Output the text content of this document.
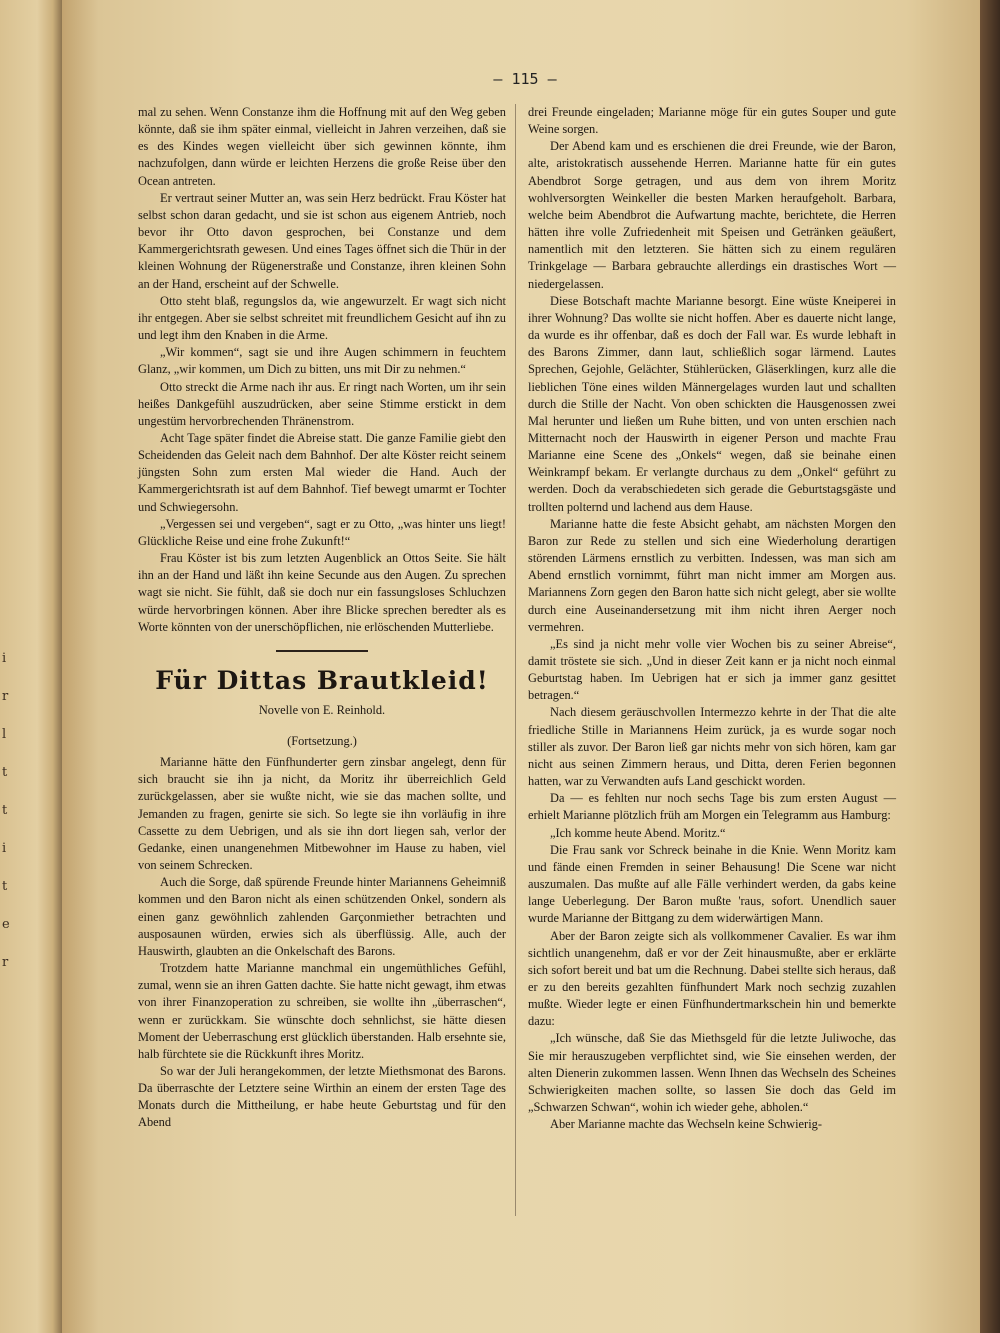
i
r
l
t
t
i
t
e
r
— 115 —

mal zu sehen. Wenn Constanze ihm die Hoffnung mit auf den Weg geben könnte, daß sie ihm später einmal, vielleicht in Jahren verzeihen, daß sie es des Kindes wegen vielleicht über sich gewinnen könnte, ihm nachzufolgen, dann würde er leichten Herzens die große Reise über den Ocean antreten.

Er vertraut seiner Mutter an, was sein Herz bedrückt. Frau Köster hat selbst schon daran gedacht, und sie ist schon aus eigenem Antrieb, noch bevor ihr Otto davon gesprochen, bei Constanze und dem Kammergerichtsrath gewesen. Und eines Tages öffnet sich die Thür in der kleinen Wohnung der Rügenerstraße und Constanze, ihren kleinen Sohn an der Hand, erscheint auf der Schwelle.

Otto steht blaß, regungslos da, wie angewurzelt. Er wagt sich nicht ihr entgegen. Aber sie selbst schreitet mit freundlichem Gesicht auf ihn zu und legt ihm den Knaben in die Arme.

„Wir kommen“, sagt sie und ihre Augen schimmern in feuchtem Glanz, „wir kommen, um Dich zu bitten, uns mit Dir zu nehmen.“

Otto streckt die Arme nach ihr aus. Er ringt nach Worten, um ihr sein heißes Dankgefühl auszudrücken, aber seine Stimme erstickt in dem ungestüm hervorbrechenden Thränenstrom.

Acht Tage später findet die Abreise statt. Die ganze Familie giebt den Scheidenden das Geleit nach dem Bahnhof. Der alte Köster reicht seinem jüngsten Sohn zum ersten Mal wieder die Hand. Auch der Kammergerichtsrath ist auf dem Bahnhof. Tief bewegt umarmt er Tochter und Schwiegersohn.

„Vergessen sei und vergeben“, sagt er zu Otto, „was hinter uns liegt! Glückliche Reise und eine frohe Zukunft!“

Frau Köster ist bis zum letzten Augenblick an Ottos Seite. Sie hält ihn an der Hand und läßt ihn keine Secunde aus den Augen. Zu sprechen wagt sie nicht. Sie fühlt, daß sie doch nur ein fassungsloses Schluchzen würde hervorbringen können. Aber ihre Blicke sprechen beredter als es Worte könnten von der unerschöpflichen, nie erlöschenden Mutterliebe.

Für Dittas Brautkleid!
Novelle von E. Reinhold.
(Fortsetzung.)

Marianne hätte den Fünfhunderter gern zinsbar angelegt, denn für sich braucht sie ihn ja nicht, da Moritz ihr überreichlich Geld zurückgelassen, aber sie wußte nicht, wie sie das machen sollte, und Jemanden zu fragen, genirte sie sich. So legte sie ihn vorläufig in ihre Cassette zu dem Uebrigen, und als sie ihn dort liegen sah, verlor der Gedanke, einen unangenehmen Mitbewohner im Hause zu haben, viel von seinem Schrecken.

Auch die Sorge, daß spürende Freunde hinter Mariannens Geheimniß kommen und den Baron nicht als einen schützenden Onkel, sondern als einen ganz gewöhnlich zahlenden Garçonmiether betrachten und ausposaunen würden, erwies sich als überflüssig. Alle, auch der Hauswirth, glaubten an die Onkelschaft des Barons.

Trotzdem hatte Marianne manchmal ein ungemüthliches Gefühl, zumal, wenn sie an ihren Gatten dachte. Sie hatte nicht gewagt, ihm etwas von ihrer Finanzoperation zu schreiben, sie wollte ihn „überraschen“, wenn er zurückkam. Sie wünschte doch sehnlichst, sie hätte diesen Moment der Ueberraschung erst glücklich überstanden. Halb ersehnte sie, halb fürchtete sie die Rückkunft ihres Moritz.

So war der Juli herangekommen, der letzte Miethsmonat des Barons. Da überraschte der Letztere seine Wirthin an einem der ersten Tage des Monats durch die Mittheilung, er habe heute Geburtstag und für den Abend

drei Freunde eingeladen; Marianne möge für ein gutes Souper und gute Weine sorgen.

Der Abend kam und es erschienen die drei Freunde, wie der Baron, alte, aristokratisch aussehende Herren. Marianne hatte für ein gutes Abendbrot Sorge getragen, und aus dem von ihrem Moritz wohlversorgten Weinkeller die besten Marken heraufgeholt. Barbara, welche beim Abendbrot die Aufwartung machte, berichtete, die Herren hätten ihre volle Zufriedenheit mit Speisen und Getränken geäußert, namentlich mit den letzteren. Sie hätten sich zu einem regulären Trinkgelage — Barbara gebrauchte allerdings ein drastisches Wort — niedergelassen.

Diese Botschaft machte Marianne besorgt. Eine wüste Kneiperei in ihrer Wohnung? Das wollte sie nicht hoffen. Aber es dauerte nicht lange, da wurde es ihr offenbar, daß es doch der Fall war. Es wurde lebhaft in des Barons Zimmer, dann laut, schließlich sogar lärmend. Lautes Sprechen, Gejohle, Gelächter, Stühlerücken, Gläserklingen, kurz alle die lieblichen Töne eines wilden Männergelages wurden laut und schallten durch die Stille der Nacht. Von oben schickten die Hausgenossen zwei Mal herunter und ließen um Ruhe bitten, und von unten erschien nach Mitternacht noch der Hauswirth in eigener Person und machte Frau Marianne eine Scene des „Onkels“ wegen, daß sie beinahe einen Weinkrampf bekam. Er verlangte durchaus zu dem „Onkel“ geführt zu werden. Doch da verabschiedeten sich gerade die Geburtstagsgäste und trollten polternd und lachend aus dem Hause.

Marianne hatte die feste Absicht gehabt, am nächsten Morgen den Baron zur Rede zu stellen und sich eine Wiederholung derartigen störenden Lärmens ernstlich zu verbitten. Indessen, was man sich am Abend ernstlich vornimmt, führt man nicht immer am Morgen aus. Mariannens Zorn gegen den Baron hatte sich nicht gelegt, aber sie wollte durch eine Auseinandersetzung mit ihm nicht ihren Aerger noch vermehren.

„Es sind ja nicht mehr volle vier Wochen bis zu seiner Abreise“, damit tröstete sie sich. „Und in dieser Zeit kann er ja nicht noch einmal Geburtstag haben. Im Uebrigen hat er sich ja immer ganz gesittet betragen.“

Nach diesem geräuschvollen Intermezzo kehrte in der That die alte friedliche Stille in Mariannens Heim zurück, ja es wurde sogar noch stiller als zuvor. Der Baron ließ gar nichts mehr von sich hören, kam gar nicht aus seinen Zimmern heraus, und Ditta, deren Ferien begonnen hatten, war zu Verwandten aufs Land geschickt worden.

Da — es fehlten nur noch sechs Tage bis zum ersten August — erhielt Marianne plötzlich früh am Morgen ein Telegramm aus Hamburg:

„Ich komme heute Abend. Moritz.“

Die Frau sank vor Schreck beinahe in die Knie. Wenn Moritz kam und fände einen Fremden in seiner Behausung! Die Scene war nicht auszumalen. Das mußte auf alle Fälle verhindert werden, da gabs keine lange Ueberlegung. Der Baron mußte 'raus, sofort. Unendlich sauer wurde Marianne der Bittgang zu dem widerwärtigen Mann.

Aber der Baron zeigte sich als vollkommener Cavalier. Es war ihm sichtlich unangenehm, daß er vor der Zeit hinausmußte, aber er erklärte sich sofort bereit und bat um die Rechnung. Dabei stellte sich heraus, daß er zu den bereits gezahlten fünfhundert Mark noch sechzig zuzahlen mußte. Wieder legte er einen Fünfhundertmarkschein hin und bemerkte dazu:

„Ich wünsche, daß Sie das Miethsgeld für die letzte Juliwoche, das Sie mir herauszugeben verpflichtet sind, wie Sie einsehen werden, der alten Dienerin zukommen lassen. Wenn Ihnen das Wechseln des Scheines Schwierigkeiten machen sollte, so lassen Sie doch das Geld im „Schwarzen Schwan“, wohin ich wieder gehe, abholen.“

Aber Marianne machte das Wechseln keine Schwierig-
